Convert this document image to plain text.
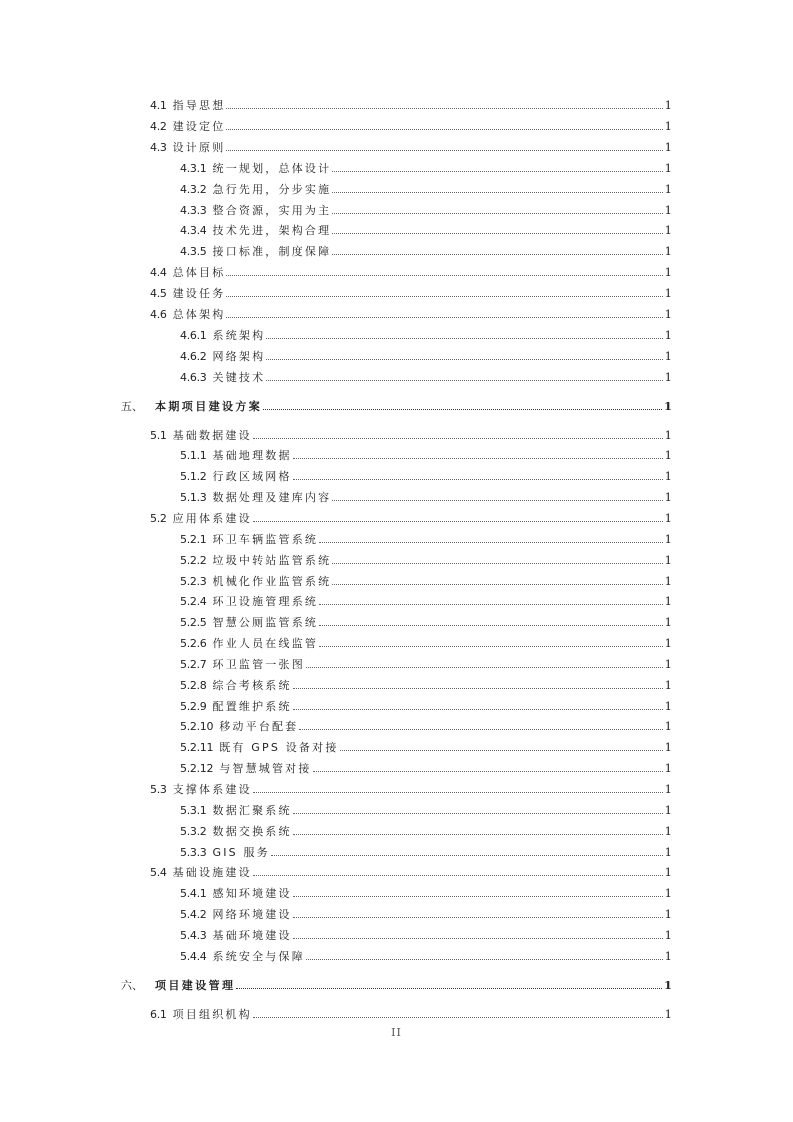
4.1 指导思想	1
4.2 建设定位	1
4.3 设计原则	1
4.3.1 统一规划，总体设计	1
4.3.2 急行先用，分步实施	1
4.3.3 整合资源，实用为主	1
4.3.4 技术先进，架构合理	1
4.3.5 接口标准，制度保障	1
4.4 总体目标	1
4.5 建设任务	1
4.6 总体架构	1
4.6.1 系统架构	1
4.6.2 网络架构	1
4.6.3 关键技术	1
五、	本期项目建设方案	1
5.1 基础数据建设	1
5.1.1 基础地理数据	1
5.1.2 行政区域网格	1
5.1.3 数据处理及建库内容	1
5.2 应用体系建设	1
5.2.1 环卫车辆监管系统	1
5.2.2 垃圾中转站监管系统	1
5.2.3 机械化作业监管系统	1
5.2.4 环卫设施管理系统	1
5.2.5 智慧公厕监管系统	1
5.2.6 作业人员在线监管	1
5.2.7 环卫监管一张图	1
5.2.8 综合考核系统	1
5.2.9 配置维护系统	1
5.2.10 移动平台配套	1
5.2.11 既有 GPS 设备对接	1
5.2.12 与智慧城管对接	1
5.3 支撑体系建设	1
5.3.1 数据汇聚系统	1
5.3.2 数据交换系统	1
5.3.3 GIS 服务	1
5.4 基础设施建设	1
5.4.1 感知环境建设	1
5.4.2 网络环境建设	1
5.4.3 基础环境建设	1
5.4.4 系统安全与保障	1
六、	项目建设管理	1
6.1 项目组织机构	1
II
